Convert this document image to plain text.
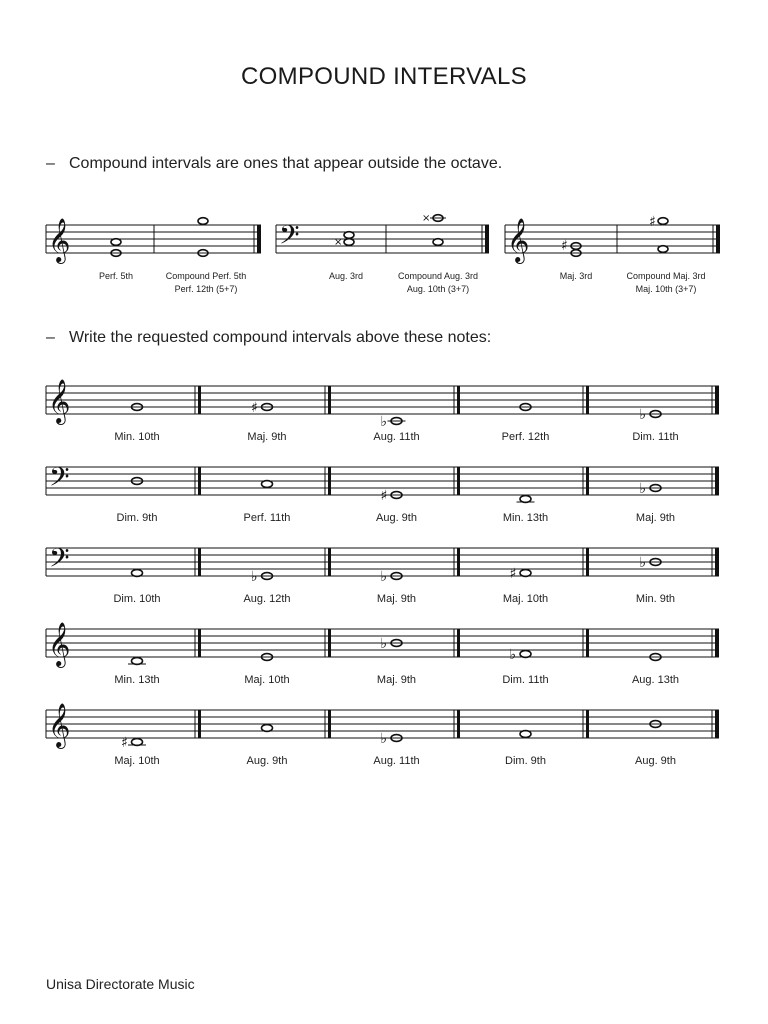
COMPOUND INTERVALS
– Compound intervals are ones that appear outside the octave.
– Write the requested compound intervals above these notes:
𝄞	𝄢	×
× 𝄞 ♯
♯
Perf. 5th	Compound Perf. 5th
Perf. 12th (5+7)
Aug. 3rd	Compound Aug. 3rd
Aug. 10th (3+7)
Maj. 3rd	Compound Maj. 3rd
Maj. 10th (3+7)
𝄞
Min. 10th
♯
Maj. 9th
♭
Aug. 11th	Perf. 12th
♭
Dim. 11th
𝄢
Dim. 9th	Perf. 11th
♯
Aug. 9th	Min. 13th
♭
Maj. 9th
𝄢
Dim. 10th
♭
Aug. 12th
♭
Maj. 9th
♯
Maj. 10th
♭
Min. 9th
𝄞
Min. 13th	Maj. 10th
♭
Maj. 9th
♭
Dim. 11th	Aug. 13th
𝄞	♯
Maj. 10th	Aug. 9th
♭
Aug. 11th	Dim. 9th	Aug. 9th
Unisa Directorate Music
